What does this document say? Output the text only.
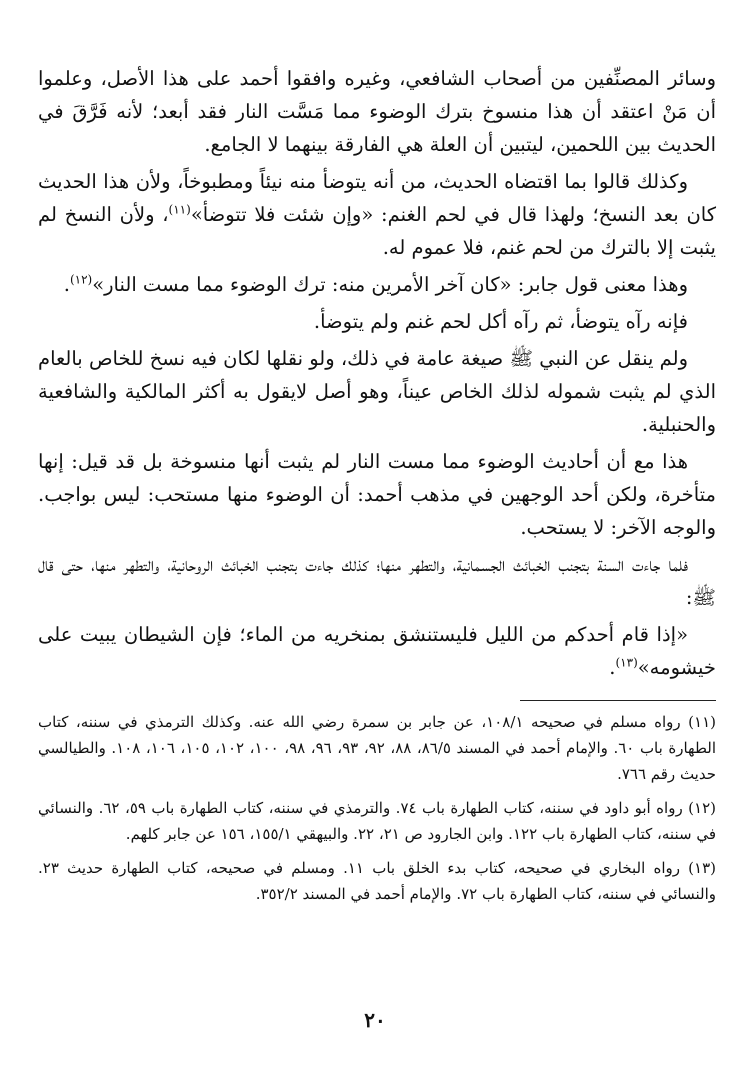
وسائر المصنِّفين من أصحاب الشافعي، وغيره وافقوا أحمد على هذا الأصل، وعلموا أن مَنْ اعتقد أن هذا منسوخ بترك الوضوء مما مَسَّت النار فقد أبعد؛ لأنه فَرَّقَ في الحديث بين اللحمين، ليتبين أن العلة هي الفارقة بينهما لا الجامع.

وكذلك قالوا بما اقتضاه الحديث، من أنه يتوضأ منه نيئاً ومطبوخاً، ولأن هذا الحديث كان بعد النسخ؛ ولهذا قال في لحم الغنم: «وإن شئت فلا تتوضأ»$^{(١١)}$، ولأن النسخ لم يثبت إلا بالترك من لحم غنم، فلا عموم له.

وهذا معنى قول جابر: «كان آخر الأمرين منه: ترك الوضوء مما مست النار»$^{(١٢)}$.

فإنه رآه يتوضأ، ثم رآه أكل لحم غنم ولم يتوضأ.

ولم ينقل عن النبي ﷺ صيغة عامة في ذلك، ولو نقلها لكان فيه نسخ للخاص بالعام الذي لم يثبت شموله لذلك الخاص عيناً، وهو أصل لايقول به أكثر المالكية والشافعية والحنبلية.

هذا مع أن أحاديث الوضوء مما مست النار لم يثبت أنها منسوخة بل قد قيل: إنها متأخرة، ولكن أحد الوجهين في مذهب أحمد: أن الوضوء منها مستحب: ليس بواجب. والوجه الآخر: لا يستحب.

فلما جاءت السنة بتجنب الخبائث الجسمانية، والتطهر منها؛ كذلك جاءت بتجنب الخبائث الروحانية، والتطهر منها، حتى قال ﷺ:

«إذا قام أحدكم من الليل فليستنشق بمنخريه من الماء؛ فإن الشيطان يبيت على خيشومه»$^{(١٣)}$.

(١١) رواه مسلم في صحيحه ١٠٨/١، عن جابر بن سمرة رضي الله عنه. وكذلك الترمذي في سننه، كتاب الطهارة باب ٦٠. والإمام أحمد في المسند ٨٦/٥، ٨٨، ٩٢، ٩٣، ٩٦، ٩٨، ١٠٠، ١٠٢، ١٠٥، ١٠٦، ١٠٨. والطيالسي حديث رقم ٧٦٦.

(١٢) رواه أبو داود في سننه، كتاب الطهارة باب ٧٤. والترمذي في سننه، كتاب الطهارة باب ٥٩، ٦٢. والنسائي في سننه، كتاب الطهارة باب ١٢٢. وابن الجارود ص ٢١، ٢٢. والبيهقي ١٥٥/١، ١٥٦ عن جابر كلهم.

(١٣) رواه البخاري في صحيحه، كتاب بدء الخلق باب ١١. ومسلم في صحيحه، كتاب الطهارة حديث ٢٣. والنسائي في سننه، كتاب الطهارة باب ٧٢. والإمام أحمد في المسند ٣٥٢/٢.

٢٠
